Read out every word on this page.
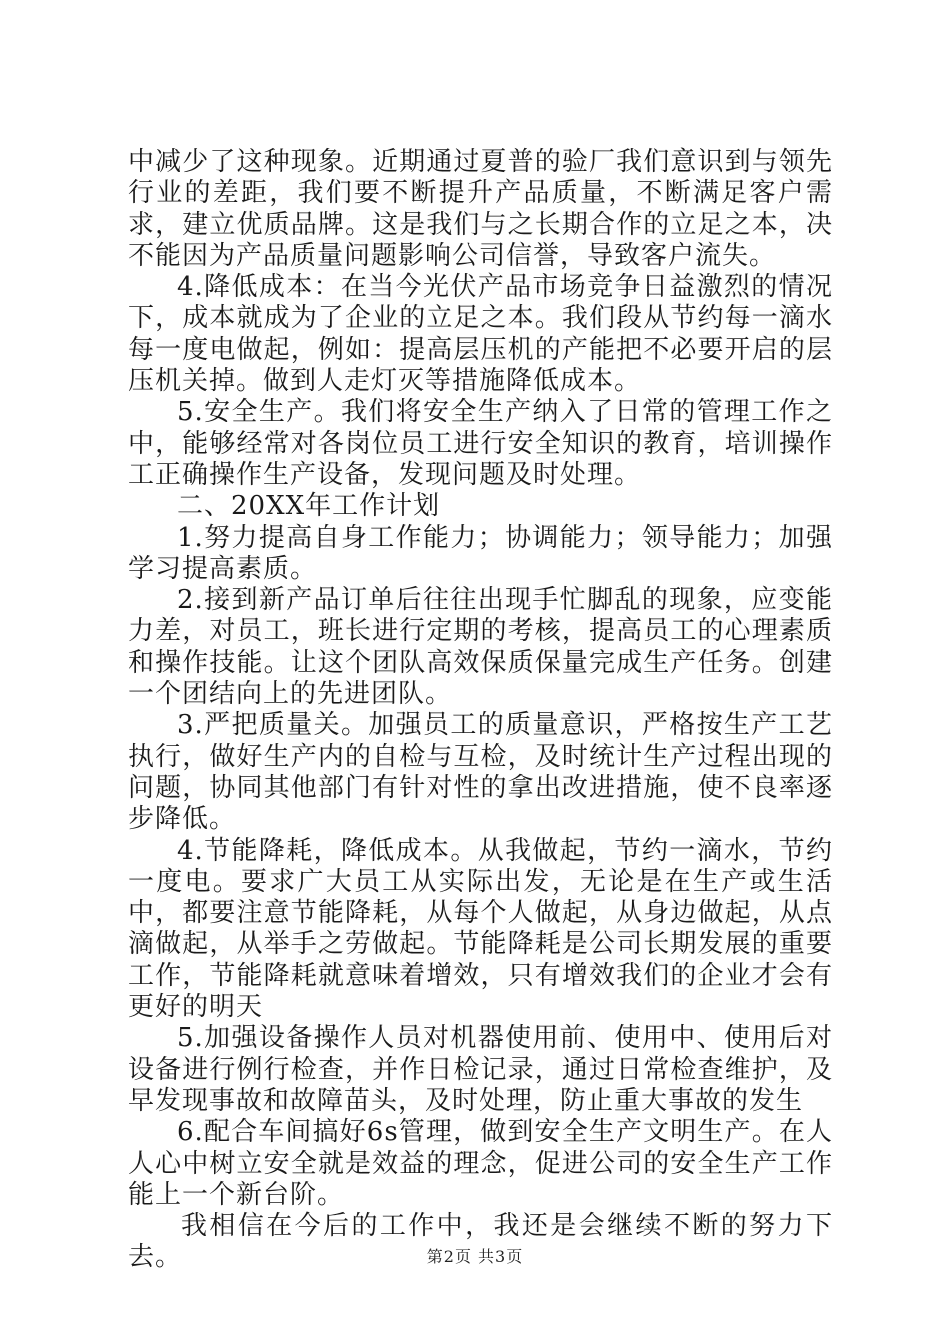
中减少了这种现象。近期通过夏普的验厂我们意识到与领先行业的差距，我们要不断提升产品质量，不断满足客户需求，建立优质品牌。这是我们与之长期合作的立足之本，决不能因为产品质量问题影响公司信誉，导致客户流失。

4.降低成本：在当今光伏产品市场竞争日益激烈的情况下，成本就成为了企业的立足之本。我们段从节约每一滴水每一度电做起，例如：提高层压机的产能把不必要开启的层压机关掉。做到人走灯灭等措施降低成本。

5.安全生产。我们将安全生产纳入了日常的管理工作之中，能够经常对各岗位员工进行安全知识的教育，培训操作工正确操作生产设备，发现问题及时处理。

二、20XX年工作计划

1.努力提高自身工作能力；协调能力；领导能力；加强学习提高素质。

2.接到新产品订单后往往出现手忙脚乱的现象，应变能力差，对员工，班长进行定期的考核，提高员工的心理素质和操作技能。让这个团队高效保质保量完成生产任务。创建一个团结向上的先进团队。

3.严把质量关。加强员工的质量意识，严格按生产工艺执行，做好生产内的自检与互检，及时统计生产过程出现的问题，协同其他部门有针对性的拿出改进措施，使不良率逐步降低。

4.节能降耗，降低成本。从我做起，节约一滴水，节约一度电。要求广大员工从实际出发，无论是在生产或生活中，都要注意节能降耗，从每个人做起，从身边做起，从点滴做起，从举手之劳做起。节能降耗是公司长期发展的重要工作，节能降耗就意味着增效，只有增效我们的企业才会有更好的明天

5.加强设备操作人员对机器使用前、使用中、使用后对设备进行例行检查，并作日检记录，通过日常检查维护，及早发现事故和故障苗头，及时处理，防止重大事故的发生

6.配合车间搞好6s管理，做到安全生产文明生产。在人人心中树立安全就是效益的理念，促进公司的安全生产工作能上一个新台阶。

我相信在今后的工作中，我还是会继续不断的努力下去。	第2页 共3页
